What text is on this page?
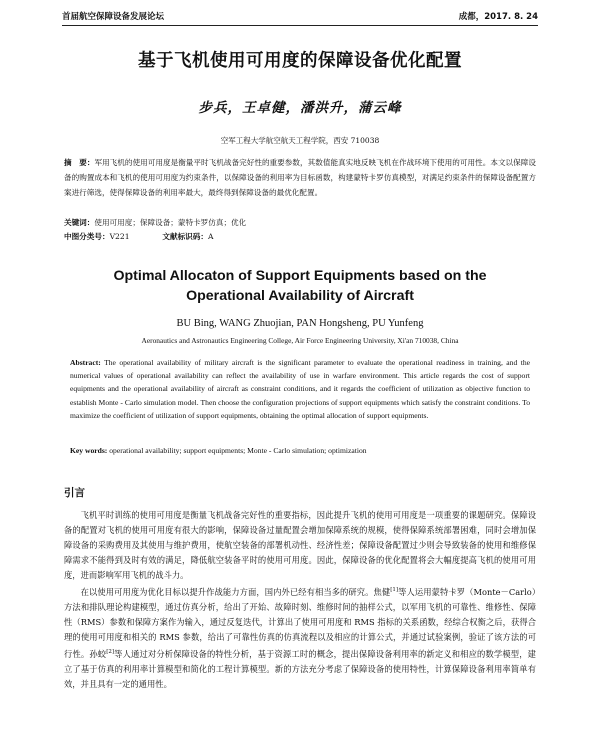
首届航空保障设备发展论坛	成都，2017. 8. 24
基于飞机使用可用度的保障设备优化配置
步兵，王卓健，潘洪升，蒲云峰
空军工程大学航空航天工程学院，西安 710038
摘　要：军用飞机的使用可用度是衡量平时飞机战备完好性的重要参数，其数值能真实地反映飞机在作战环境下使用的可用性。本文以保障设备的购置成本和飞机的使用可用度为约束条件，以保障设备的利用率为目标函数，构建蒙特卡罗仿真模型，对满足约束条件的保障设备配置方案进行筛选，使得保障设备的利用率最大，最终得到保障设备的最优化配置。
关键词：使用可用度；保障设备；蒙特卡罗仿真；优化
中图分类号：V221	文献标识码：A
Optimal Allocaton of Support Equipments based on the
Operational Availability of Aircraft
BU Bing, WANG Zhuojian, PAN Hongsheng, PU Yunfeng
Aeronautics and Astronautics Engineering College, Air Force Engineering University, Xi'an 710038, China
Abstract: The operational availability of military aircraft is the significant parameter to evaluate the operational readiness in training, and the numerical values of operational availability can reflect the availability of use in warfare environment. This article regards the cost of support equipments and the operational availability of aircraft as constraint conditions, and it regards the coefficient of utilization as objective function to establish Monte - Carlo simulation model. Then choose the configuration projections of support equipments which satisfy the constraint conditions. To maximize the coefficient of utilization of support equipments, obtaining the optimal allocation of support equipments.
Key words: operational availability; support equipments; Monte - Carlo simulation; optimization
引言

飞机平时训练的使用可用度是衡量飞机战备完好性的重要指标，因此提升飞机的使用可用度是一项重要的课题研究。保障设备的配置对飞机的使用可用度有很大的影响，保障设备过量配置会增加保障系统的规模，使得保障系统部署困难，同时会增加保障设备的采购费用及其使用与维护费用，使航空装备的部署机动性、经济性差；保障设备配置过少则会导致装备的使用和维修保障需求不能得到及时有效的满足，降低航空装备平时的使用可用度。因此，保障设备的优化配置将会大幅度提高飞机的使用可用度，进而影响军用飞机的战斗力。

在以使用可用度为优化目标以提升作战能力方面，国内外已经有相当多的研究。焦健[1]等人运用蒙特卡罗（Monte－Carlo）方法和排队理论构建模型，通过仿真分析，给出了开始、故障时刻、维修时间的抽样公式，以军用飞机的可靠性、维修性、保障性（RMS）参数和保障方案作为输入，通过反复迭代，计算出了使用可用度和 RMS 指标的关系函数，经综合权衡之后，获得合理的使用可用度和相关的 RMS 参数，给出了可靠性仿真的仿真流程以及相应的计算公式，并通过试验案例，验证了该方法的可行性。孙蛟[2]等人通过对分析保障设备的特性分析，基于资源工时的概念，提出保障设备利用率的新定义和相应的数学模型，建立了基于仿真的利用率计算模型和简化的工程计算模型。新的方法充分考虑了保障设备的使用特性，计算保障设备利用率简单有效，并且具有一定的通用性。
